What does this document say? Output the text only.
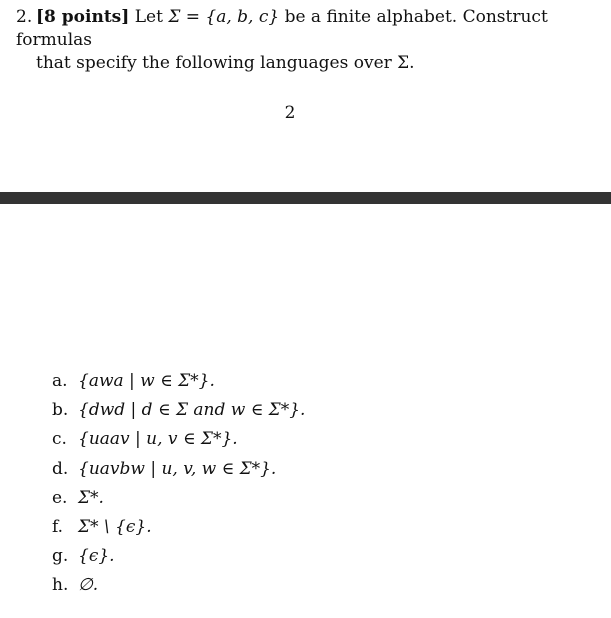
2. [8 points] Let Σ = {a, b, c} be a finite alphabet. Construct formulas
that specify the following languages over Σ.
2
a. {awa | w ∈ Σ*}.
b. {dwd | d ∈ Σ and w ∈ Σ*}.
c. {uaav | u, v ∈ Σ*}.
d. {uavbw | u, v, w ∈ Σ*}.
e. Σ*.
f. Σ* \ {ϵ}.
g. {ϵ}.
h. ∅.
